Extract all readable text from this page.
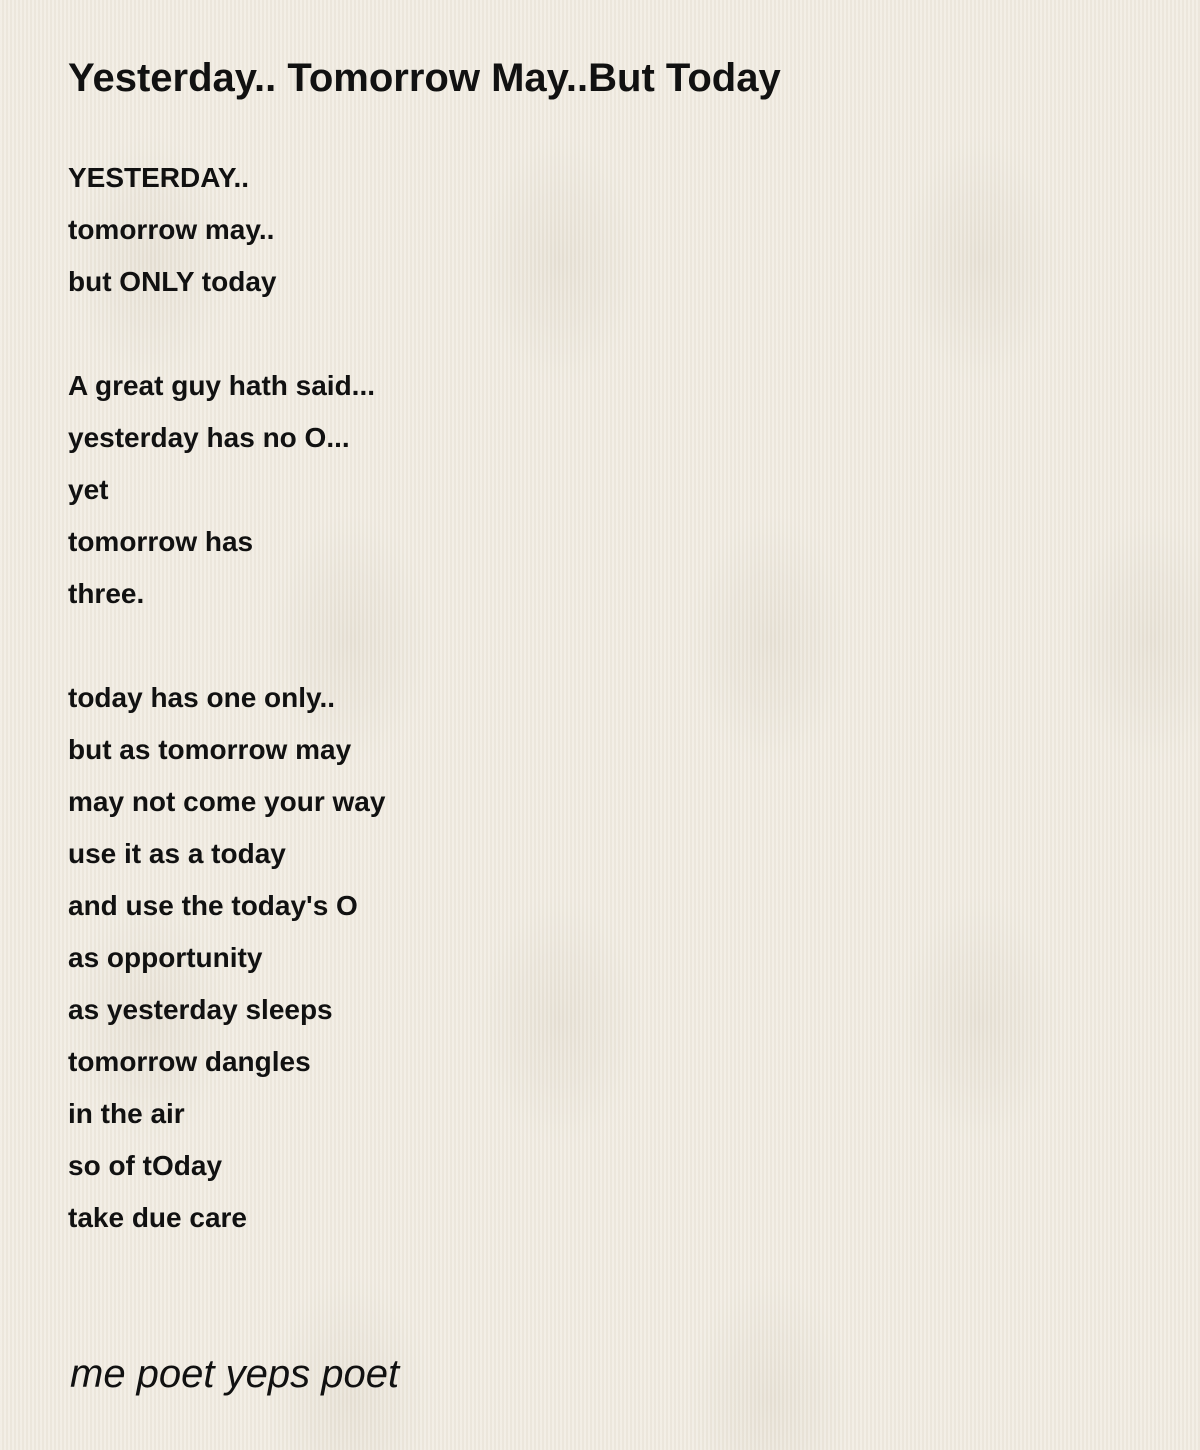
Yesterday.. Tomorrow May..But Today
YESTERDAY..
tomorrow may..
but ONLY today
A great guy hath said...
yesterday has no O...
yet
tomorrow has
three.
today has one only..
but as tomorrow may
may not come your way
use it as a today
and use the today's O
as opportunity
as yesterday sleeps
tomorrow dangles
in the air
so of tOday
take due care
me poet yeps poet
